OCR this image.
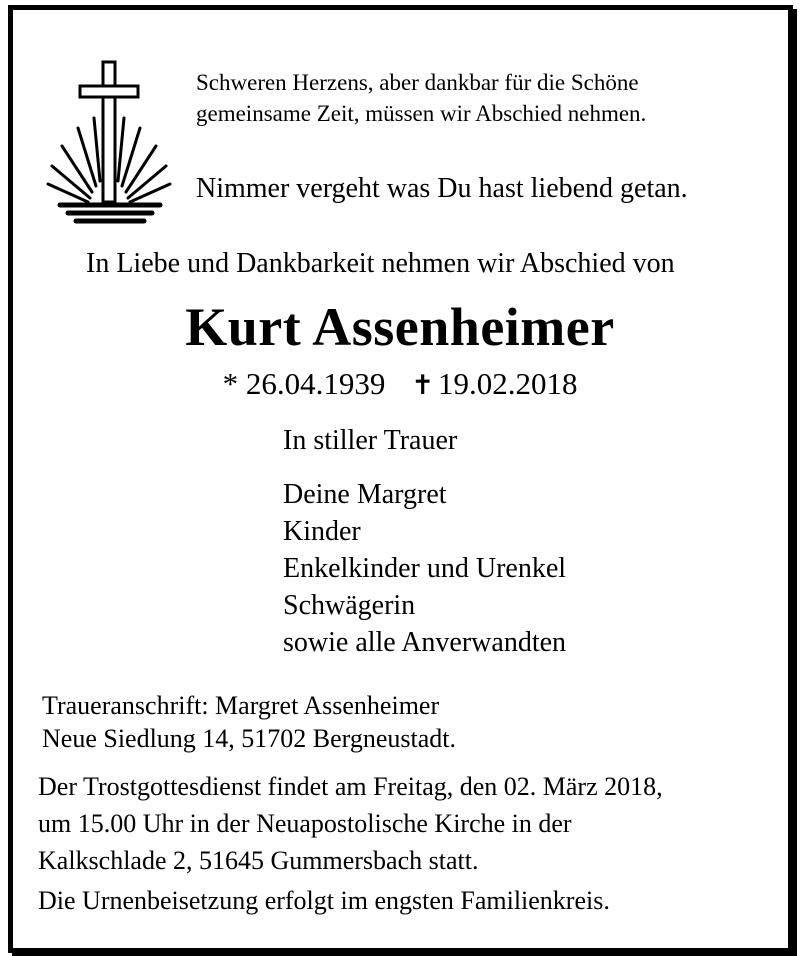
Schweren Herzens, aber dankbar für die Schöne
gemeinsame Zeit, müssen wir Abschied nehmen.
Nimmer vergeht was Du hast liebend getan.
In Liebe und Dankbarkeit nehmen wir Abschied von
Kurt Assenheimer
* 26.04.1939 ✝ 19.02.2018
In stiller Trauer
Deine Margret
Kinder
Enkelkinder und Urenkel
Schwägerin
sowie alle Anverwandten
Traueranschrift: Margret Assenheimer
Neue Siedlung 14, 51702 Bergneustadt.
Der Trostgottesdienst findet am Freitag, den 02. März 2018,
um 15.00 Uhr in der Neuapostolische Kirche in der
Kalkschlade 2, 51645 Gummersbach statt.
Die Urnenbeisetzung erfolgt im engsten Familienkreis.
